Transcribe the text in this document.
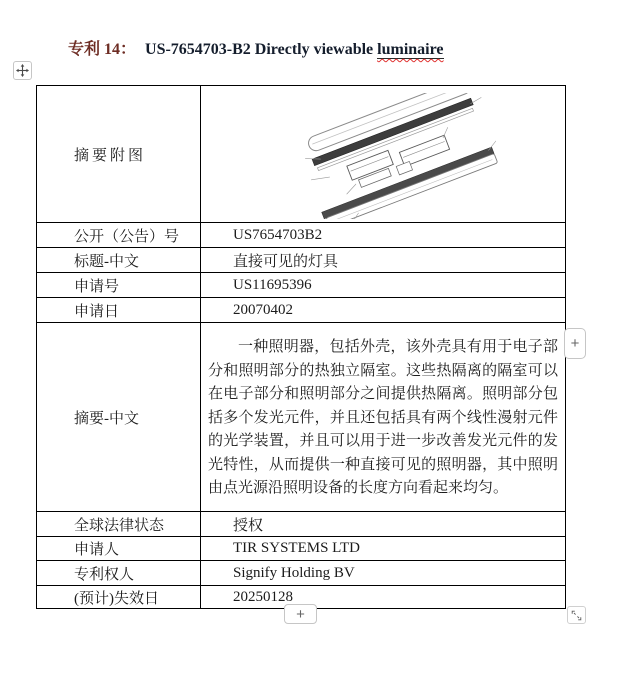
专利 14： US-7654703-B2 Directly viewable luminaire
摘要附图	

公开（公告）号	US7654703B2
标题-中文	直接可见的灯具
申请号	US11695396
申请日	20070402
摘要-中文	一种照明器，包括外壳，该外壳具有用于电子部分和照明部分的热独立隔室。这些热隔离的隔室可以在电子部分和照明部分之间提供热隔离。照明部分包括多个发光元件，并且还包括具有两个线性漫射元件的光学装置，并且可以用于进一步改善发光元件的发光特性，从而提供一种直接可见的照明器，其中照明由点光源沿照明设备的长度方向看起来均匀。

全球法律状态	授权
申请人	TIR SYSTEMS LTD
专利权人	Signify Holding BV
(预计)失效日	20250128
+
+
